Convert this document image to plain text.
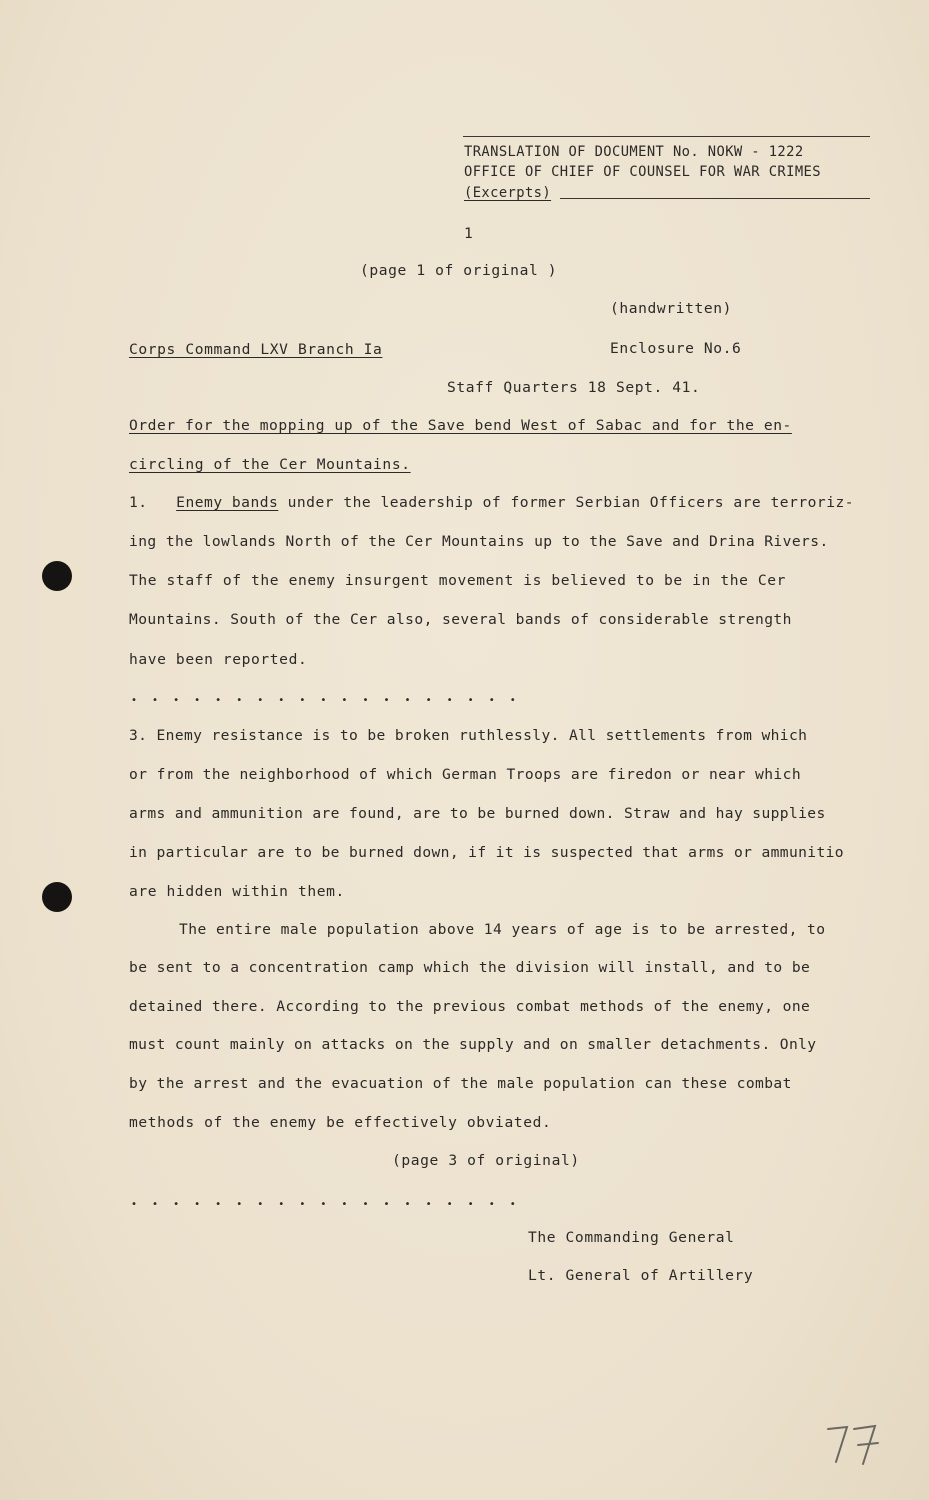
TRANSLATION OF DOCUMENT No. NOKW - 1222
OFFICE OF CHIEF OF COUNSEL FOR WAR CRIMES
(Excerpts)
1
(page 1 of original )
(handwritten)
Corps Command LXV Branch Ia	Enclosure No.6
Staff Quarters 18 Sept. 41.
Order for the mopping up of the Save bend West of Sabac and for the en-
circling of the Cer Mountains.
1. Enemy bands under the leadership of former Serbian Officers are terroriz-
ing the lowlands North of the Cer Mountains up to the Save and Drina Rivers.
The staff of the enemy insurgent movement is believed to be in the Cer
Mountains. South of the Cer also, several bands of considerable strength
have been reported.
• • • • • • • • • • • • • • • • • • •
3. Enemy resistance is to be broken ruthlessly. All settlements from which
or from the neighborhood of which German Troops are firedon or near which
arms and ammunition are found, are to be burned down. Straw and hay supplies
in particular are to be burned down, if it is suspected that arms or ammunitio
are hidden within them.
The entire male population above 14 years of age is to be arrested, to
be sent to a concentration camp which the division will install, and to be
detained there. According to the previous combat methods of the enemy, one
must count mainly on attacks on the supply and on smaller detachments. Only
by the arrest and the evacuation of the male population can these combat
methods of the enemy be effectively obviated.
(page 3 of original)
• • • • • • • • • • • • • • • • • • •
The Commanding General
Lt. General of Artillery
